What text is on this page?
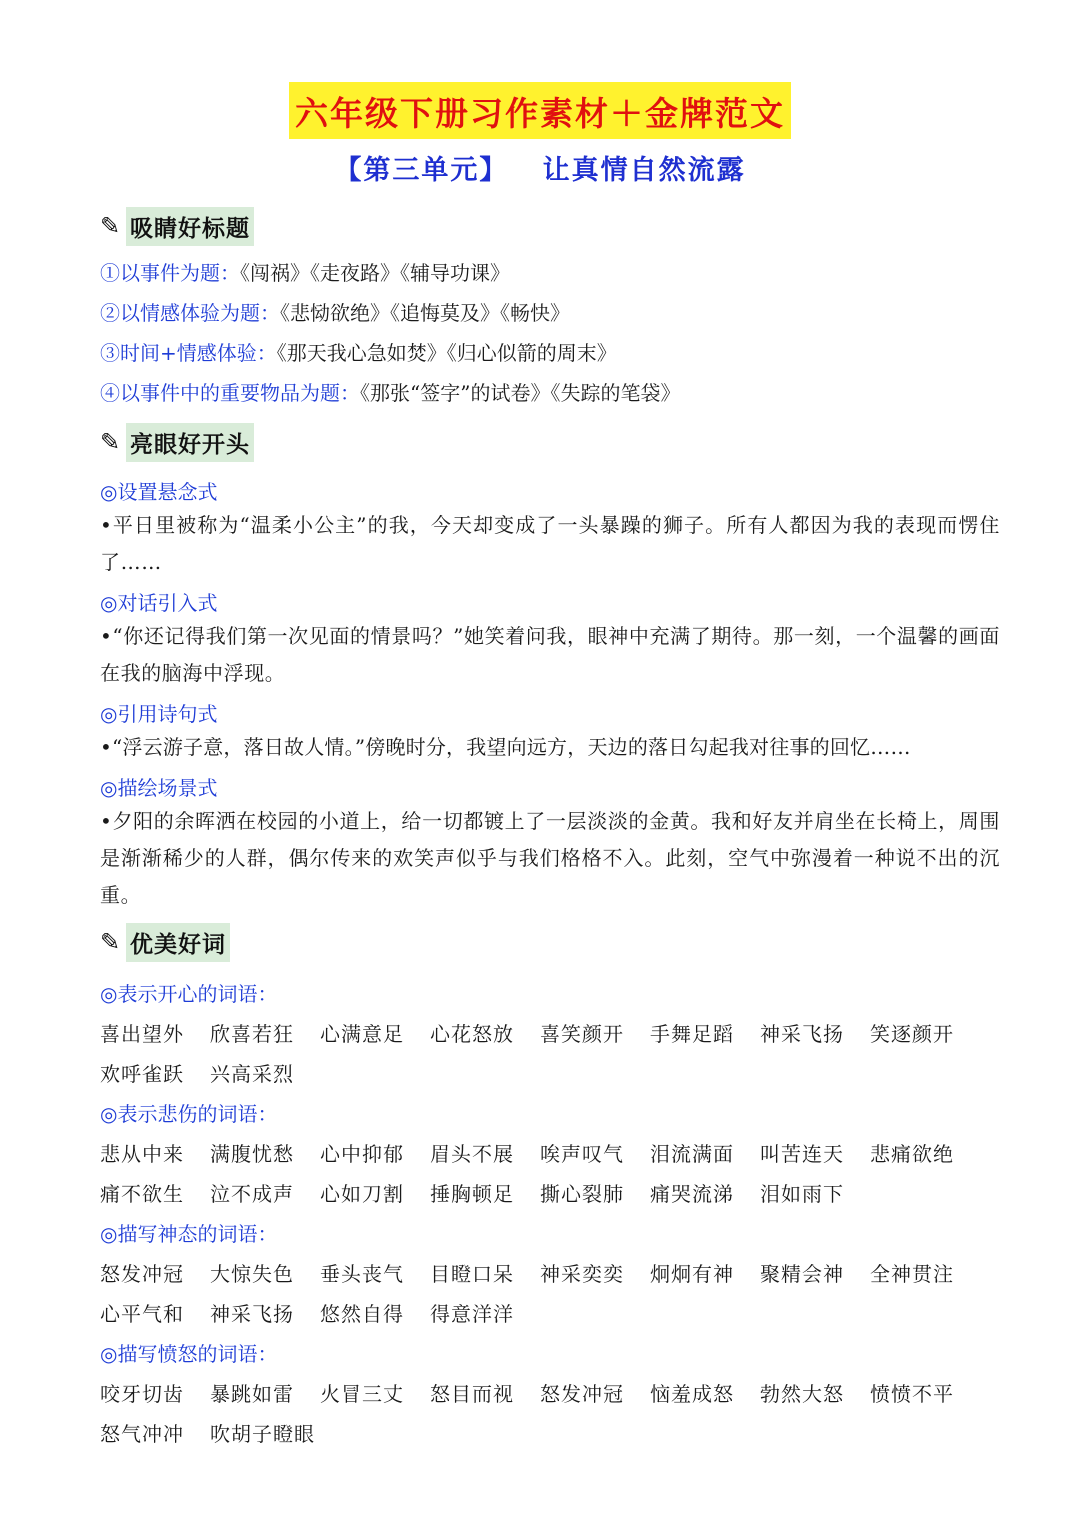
六年级下册习作素材＋金牌范文
【第三单元】   让真情自然流露
✎ 吸睛好标题
①以事件为题：《闯祸》《走夜路》《辅导功课》
②以情感体验为题：《悲恸欲绝》《追悔莫及》《畅快》
③时间+情感体验：《那天我心急如焚》《归心似箭的周末》
④以事件中的重要物品为题：《那张“签字”的试卷》《失踪的笔袋》
✎ 亮眼好开头
◎设置悬念式
•平日里被称为“温柔小公主”的我，今天却变成了一头暴躁的狮子。所有人都因为我的表现而愣住了……
◎对话引入式
•“你还记得我们第一次见面的情景吗？”她笑着问我，眼神中充满了期待。那一刻，一个温馨的画面在我的脑海中浮现。
◎引用诗句式
•“浮云游子意，落日故人情。”傍晚时分，我望向远方，天边的落日勾起我对往事的回忆……
◎描绘场景式
•夕阳的余晖洒在校园的小道上，给一切都镀上了一层淡淡的金黄。我和好友并肩坐在长椅上，周围是渐渐稀少的人群，偶尔传来的欢笑声似乎与我们格格不入。此刻，空气中弥漫着一种说不出的沉重。
✎ 优美好词
◎表示开心的词语：
喜出望外	欣喜若狂	心满意足	心花怒放	喜笑颜开	手舞足蹈	神采飞扬	笑逐颜开
欢呼雀跃	兴高采烈
◎表示悲伤的词语：
悲从中来	满腹忧愁	心中抑郁	眉头不展	唉声叹气	泪流满面	叫苦连天	悲痛欲绝
痛不欲生	泣不成声	心如刀割	捶胸顿足	撕心裂肺	痛哭流涕	泪如雨下
◎描写神态的词语：
怒发冲冠	大惊失色	垂头丧气	目瞪口呆	神采奕奕	炯炯有神	聚精会神	全神贯注
心平气和	神采飞扬	悠然自得	得意洋洋
◎描写愤怒的词语：
咬牙切齿	暴跳如雷	火冒三丈	怒目而视	怒发冲冠	恼羞成怒	勃然大怒	愤愤不平
怒气冲冲	吹胡子瞪眼
